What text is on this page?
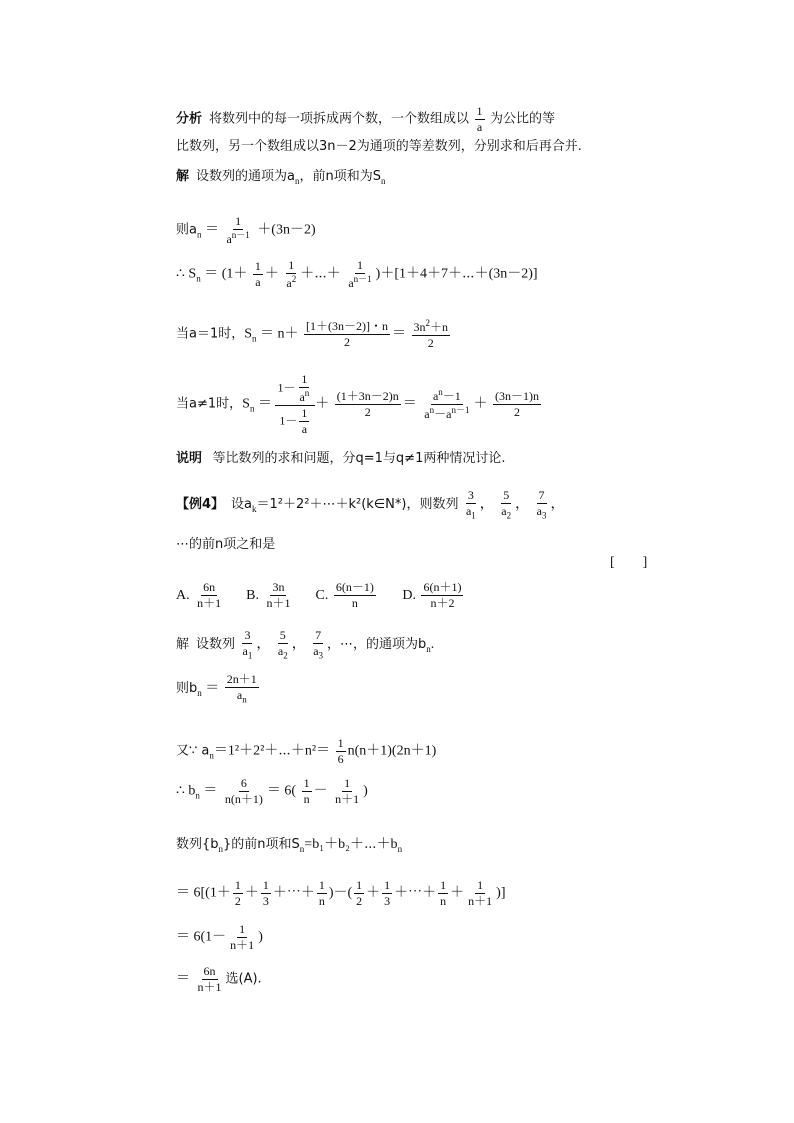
分析 将数列中的每一项拆成两个数，一个数组成以 $\frac{1}{a}$ 为公比的等
比数列，另一个数组成以3n－2为通项的等差数列，分别求和后再合并.
解 设数列的通项为$a_n$，前n项和为$S_n$
则$a_n = \frac{1}{a^{n-1}} +(3n-2)$
∴ $S_n = (1+ \frac{1}{a} + \frac{1}{a^2}$ ＋⋯＋ $\frac{1}{a^{n-1}}$ )＋[1＋4＋7＋⋯＋(3n－2)]
当a＝1时，$S_n = n+ \frac{[1+(3n-2)]・n}{2} = \frac{3n^2+n}{2}$
当a≠1时，$S_n = \frac{1- \frac{1}{a^n}}{1- \frac{1}{a}} + \frac{(1+3n-2)n}{2} = \frac{a^n-1}{a^n-a^{n-1}} + \frac{(3n-1)n}{2}$
说明 等比数列的求和问题，分q=1与q≠1两种情况讨论.
【例4】 设$a_k=1^2+2^2+\cdots+k^2(k\in N*)$，则数列 $\frac{3}{a_1}$ ， $\frac{5}{a_2}$ ， $\frac{7}{a_3}$ ，
⋯的前n项之和是
[　　]
A. $\frac{6n}{n+1} B$. $\frac{3n}{n+1} C$. $\frac{6(n-1)}{n} D$. $\frac{6(n+1)}{n+2}$
解 设数列 $\frac{3}{a_1}$ ， $\frac{5}{a_2}$ ， $\frac{7}{a_3}$ ，⋯，的通项为$b_n$.
则$b_n = \frac{2n+1}{a_n}$
又∵ $a_n=1^2+2^2+\cdots+n^2= \frac{1}{6} n(n+1)(2n+1)$
∴ $b_n = \frac{6}{n(n+1)} = 6( \frac{1}{n} - \frac{1}{n+1}$ )
数列$\{b_n\}$的前n项和$S_n=b_1+b_2+\cdots+b_n$
＝ $6[(1+ \frac{1}{2} + \frac{1}{3}$ ＋⋯＋ $\frac{1}{n}$ )－( $\frac{1}{2} + \frac{1}{3}$ ＋⋯＋ $\frac{1}{n} + \frac{1}{n+1}$ )]
＝ $6(1- \frac{1}{n+1}$ )
＝ $\frac{6n}{n+1}$ 选(A).
